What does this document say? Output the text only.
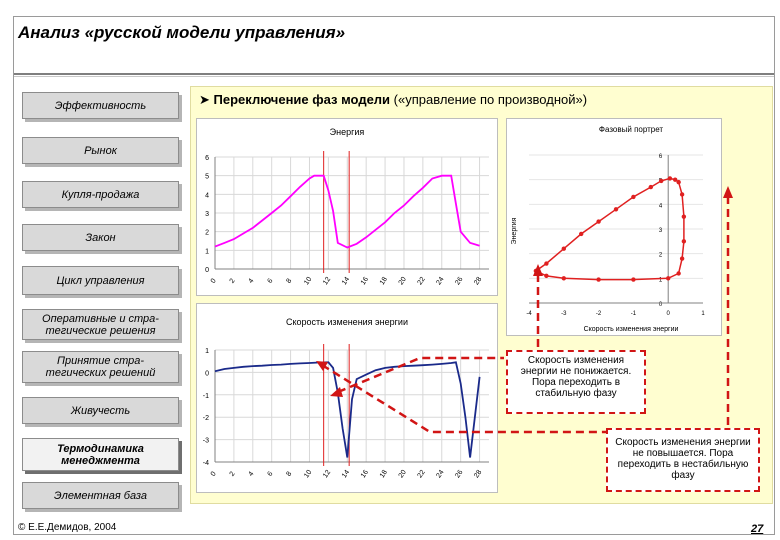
Анализ «русской модели управления»
Эффективность
Рынок
Купля-продажа
Закон
Цикл управления
Оперативные и стра-
тегические решения
Принятие стра-
тегических решений
Живучесть
Термодинамика
менеджмента
Элементная база
➤ Переключение фаз модели («управление по производной»)
Энергия
0
1
2
3
4
5
6
0 2 4 6 8 10 12 14 16 18 20 22 24 26 28
Скорость изменения энергии
1
0
-1
-2
-3
-4
0 2 4 6 8 10 12 14 16 18 20 22 24 26 28
Фазовый портрет
Скорость изменения энергии
Энергия
0
1
2
3
4
6
-4	-3	-2	-1	0	1
Скорость изменения энергии не понижается. Пора переходить в стабильную фазу
Скорость изменения энергии не повышается. Пора переходить в нестабильную фазу
© Е.Е.Демидов, 2004	27
